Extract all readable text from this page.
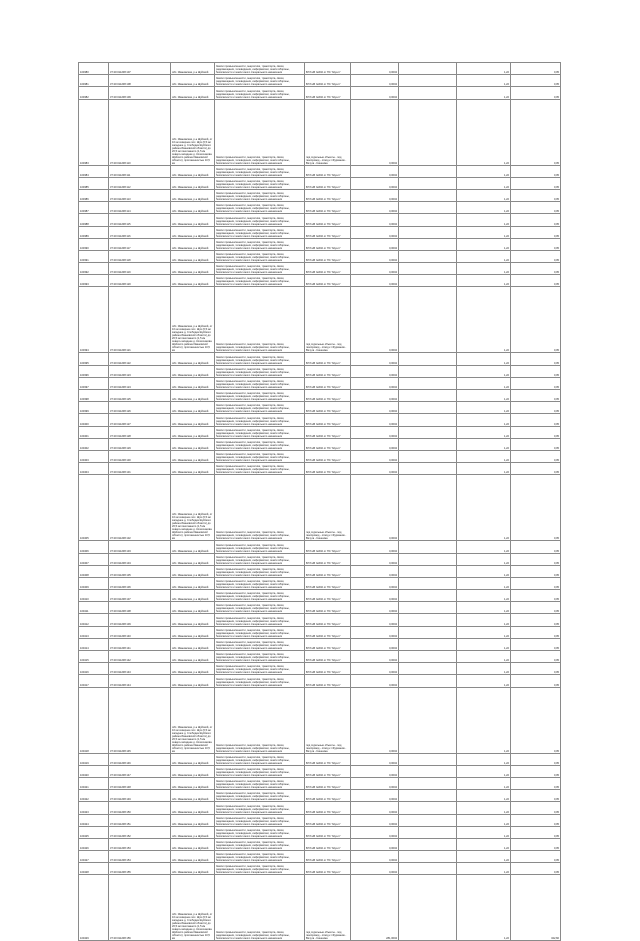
100380	37:20:011208:107	обл. Ивановская, р-н Шуйский	Земли промышленности, энергетики, транспорта, связи, радиовещания, телевидения, информатики, земли обороны, безопасности и земли иного специального назначения	ВЛ 6 кВ №602 от ПС "Шуя-1"	0,0004		1,22	0,05
100381	37:20:011208:108	обл. Ивановская, р-н Шуйский	Земли промышленности, энергетики, транспорта, связи, радиовещания, телевидения, информатики, земли обороны, безопасности и земли иного специального назначения	ВЛ 6 кВ №602 от ПС "Шуя-1"	0,0004		1,22	0,05
100382	37:20:011208:109	обл. Ивановская, р-н Шуйский	Земли промышленности, энергетики, транспорта, связи, радиовещания, телевидения, информатики, земли обороны, безопасности и земли иного специального назначения	ВЛ 6 кВ №602 от ПС "Шуя-1"	0,0004		1,22	0,05
100383	37:20:011208:110	обл. Ивановская, р-н Шуйский, от 10 км севернее пос. Шуя (0,5 км западнее д. Слободка Шуйского района Ивановской области) до 20,5 км пикетажного (1,5 км северо-западнее д. Колесникова Шуйского района Ивановской области), протяженностью 10,5 км	Земли промышленности, энергетики, транспорта, связи, радиовещания, телевидения, информатики, земли обороны, безопасности и земли иного специального назначения	под отдельные объекты - под газопровод - отвод к г.Фурманов - Вичуга - Кинешма	0,0004		1,22	0,05
100384	37:20:011208:111	обл. Ивановская, р-н Шуйский	Земли промышленности, энергетики, транспорта, связи, радиовещания, телевидения, информатики, земли обороны, безопасности и земли иного специального назначения	ВЛ 6 кВ №602 от ПС "Шуя-1"	0,0004		1,22	0,05
100385	37:20:011208:112	обл. Ивановская, р-н Шуйский	Земли промышленности, энергетики, транспорта, связи, радиовещания, телевидения, информатики, земли обороны, безопасности и земли иного специального назначения	ВЛ 6 кВ №602 от ПС "Шуя-1"	0,0004		1,22	0,05
100386	37:20:011208:113	обл. Ивановская, р-н Шуйский	Земли промышленности, энергетики, транспорта, связи, радиовещания, телевидения, информатики, земли обороны, безопасности и земли иного специального назначения	ВЛ 6 кВ №602 от ПС "Шуя-1"	0,0004		1,22	0,05
100387	37:20:011208:114	обл. Ивановская, р-н Шуйский	Земли промышленности, энергетики, транспорта, связи, радиовещания, телевидения, информатики, земли обороны, безопасности и земли иного специального назначения	ВЛ 6 кВ №602 от ПС "Шуя-1"	0,0004		1,22	0,05
100388	37:20:011208:115	обл. Ивановская, р-н Шуйский	Земли промышленности, энергетики, транспорта, связи, радиовещания, телевидения, информатики, земли обороны, безопасности и земли иного специального назначения	ВЛ 6 кВ №602 от ПС "Шуя-1"	0,0004		1,22	0,05
100389	37:20:011208:116	обл. Ивановская, р-н Шуйский	Земли промышленности, энергетики, транспорта, связи, радиовещания, телевидения, информатики, земли обороны, безопасности и земли иного специального назначения	ВЛ 6 кВ №602 от ПС "Шуя-1"	0,0004		1,22	0,05
100390	37:20:011208:117	обл. Ивановская, р-н Шуйский	Земли промышленности, энергетики, транспорта, связи, радиовещания, телевидения, информатики, земли обороны, безопасности и земли иного специального назначения	ВЛ 6 кВ №602 от ПС "Шуя-1"	0,0004		1,22	0,05
100391	37:20:011208:118	обл. Ивановская, р-н Шуйский	Земли промышленности, энергетики, транспорта, связи, радиовещания, телевидения, информатики, земли обороны, безопасности и земли иного специального назначения	ВЛ 6 кВ №602 от ПС "Шуя-1"	0,0004		1,22	0,05
100392	37:20:011208:119	обл. Ивановская, р-н Шуйский	Земли промышленности, энергетики, транспорта, связи, радиовещания, телевидения, информатики, земли обороны, безопасности и земли иного специального назначения	ВЛ 6 кВ №602 от ПС "Шуя-1"	0,0004		1,22	0,05
100393	37:20:011208:120	обл. Ивановская, р-н Шуйский	Земли промышленности, энергетики, транспорта, связи, радиовещания, телевидения, информатики, земли обороны, безопасности и земли иного специального назначения	ВЛ 6 кВ №602 от ПС "Шуя-1"	0,0004		1,22	0,05
100394	37:20:011208:121	обл. Ивановская, р-н Шуйский, от 10 км севернее пос. Шуя (0,5 км западнее д. Слободка Шуйского района Ивановской области) до 20,5 км пикетажного (1,5 км северо-западнее д. Колесникова Шуйского района Ивановской области), протяженностью 10,5 км	Земли промышленности, энергетики, транспорта, связи, радиовещания, телевидения, информатики, земли обороны, безопасности и земли иного специального назначения	под отдельные объекты - под газопровод - отвод к г.Фурманов - Вичуга - Кинешма	0,0004		1,22	0,05
100395	37:20:011208:122	обл. Ивановская, р-н Шуйский	Земли промышленности, энергетики, транспорта, связи, радиовещания, телевидения, информатики, земли обороны, безопасности и земли иного специального назначения	ВЛ 6 кВ №602 от ПС "Шуя-1"	0,0004		1,22	0,05
100396	37:20:011208:123	обл. Ивановская, р-н Шуйский	Земли промышленности, энергетики, транспорта, связи, радиовещания, телевидения, информатики, земли обороны, безопасности и земли иного специального назначения	ВЛ 6 кВ №602 от ПС "Шуя-1"	0,0004		1,22	0,05
100397	37:20:011208:124	обл. Ивановская, р-н Шуйский	Земли промышленности, энергетики, транспорта, связи, радиовещания, телевидения, информатики, земли обороны, безопасности и земли иного специального назначения	ВЛ 6 кВ №602 от ПС "Шуя-1"	0,0004		1,22	0,05
100398	37:20:011208:125	обл. Ивановская, р-н Шуйский	Земли промышленности, энергетики, транспорта, связи, радиовещания, телевидения, информатики, земли обороны, безопасности и земли иного специального назначения	ВЛ 6 кВ №602 от ПС "Шуя-1"	0,0004		1,22	0,05
100399	37:20:011208:126	обл. Ивановская, р-н Шуйский	Земли промышленности, энергетики, транспорта, связи, радиовещания, телевидения, информатики, земли обороны, безопасности и земли иного специального назначения	ВЛ 6 кВ №602 от ПС "Шуя-1"	0,0004		1,22	0,05
100400	37:20:011208:127	обл. Ивановская, р-н Шуйский	Земли промышленности, энергетики, транспорта, связи, радиовещания, телевидения, информатики, земли обороны, безопасности и земли иного специального назначения	ВЛ 6 кВ №602 от ПС "Шуя-1"	0,0004		1,22	0,05
100401	37:20:011208:128	обл. Ивановская, р-н Шуйский	Земли промышленности, энергетики, транспорта, связи, радиовещания, телевидения, информатики, земли обороны, безопасности и земли иного специального назначения	ВЛ 6 кВ №602 от ПС "Шуя-1"	0,0004		1,22	0,05
100402	37:20:011208:129	обл. Ивановская, р-н Шуйский	Земли промышленности, энергетики, транспорта, связи, радиовещания, телевидения, информатики, земли обороны, безопасности и земли иного специального назначения	ВЛ 6 кВ №602 от ПС "Шуя-1"	0,0004		1,22	0,05
100403	37:20:011208:130	обл. Ивановская, р-н Шуйский	Земли промышленности, энергетики, транспорта, связи, радиовещания, телевидения, информатики, земли обороны, безопасности и земли иного специального назначения	ВЛ 6 кВ №602 от ПС "Шуя-1"	0,0004		1,22	0,05
100404	37:20:011208:131	обл. Ивановская, р-н Шуйский	Земли промышленности, энергетики, транспорта, связи, радиовещания, телевидения, информатики, земли обороны, безопасности и земли иного специального назначения	ВЛ 6 кВ №602 от ПС "Шуя-1"	0,0004		1,22	0,05
100405	37:20:011208:132	обл. Ивановская, р-н Шуйский, от 10 км севернее пос. Шуя (0,5 км западнее д. Слободка Шуйского района Ивановской области) до 20,5 км пикетажного (1,5 км северо-западнее д. Колесникова Шуйского района Ивановской области), протяженностью 10,5 км	Земли промышленности, энергетики, транспорта, связи, радиовещания, телевидения, информатики, земли обороны, безопасности и земли иного специального назначения	под отдельные объекты - под газопровод - отвод к г.Фурманов - Вичуга - Кинешма	0,0004		1,22	0,05
100406	37:20:011208:133	обл. Ивановская, р-н Шуйский	Земли промышленности, энергетики, транспорта, связи, радиовещания, телевидения, информатики, земли обороны, безопасности и земли иного специального назначения	ВЛ 6 кВ №602 от ПС "Шуя-1"	0,0004		1,22	0,05
100407	37:20:011208:134	обл. Ивановская, р-н Шуйский	Земли промышленности, энергетики, транспорта, связи, радиовещания, телевидения, информатики, земли обороны, безопасности и земли иного специального назначения	ВЛ 6 кВ №602 от ПС "Шуя-1"	0,0004		1,22	0,05
100408	37:20:011208:135	обл. Ивановская, р-н Шуйский	Земли промышленности, энергетики, транспорта, связи, радиовещания, телевидения, информатики, земли обороны, безопасности и земли иного специального назначения	ВЛ 6 кВ №602 от ПС "Шуя-1"	0,0004		1,22	0,05
100409	37:20:011208:136	обл. Ивановская, р-н Шуйский	Земли промышленности, энергетики, транспорта, связи, радиовещания, телевидения, информатики, земли обороны, безопасности и земли иного специального назначения	ВЛ 6 кВ №602 от ПС "Шуя-1"	0,0004		1,22	0,05
100410	37:20:011208:137	обл. Ивановская, р-н Шуйский	Земли промышленности, энергетики, транспорта, связи, радиовещания, телевидения, информатики, земли обороны, безопасности и земли иного специального назначения	ВЛ 6 кВ №602 от ПС "Шуя-1"	0,0004		1,22	0,05
100411	37:20:011208:138	обл. Ивановская, р-н Шуйский	Земли промышленности, энергетики, транспорта, связи, радиовещания, телевидения, информатики, земли обороны, безопасности и земли иного специального назначения	ВЛ 6 кВ №602 от ПС "Шуя-1"	0,0004		1,22	0,05
100412	37:20:011208:139	обл. Ивановская, р-н Шуйский	Земли промышленности, энергетики, транспорта, связи, радиовещания, телевидения, информатики, земли обороны, безопасности и земли иного специального назначения	ВЛ 6 кВ №602 от ПС "Шуя-1"	0,0004		1,22	0,05
100413	37:20:011208:140	обл. Ивановская, р-н Шуйский	Земли промышленности, энергетики, транспорта, связи, радиовещания, телевидения, информатики, земли обороны, безопасности и земли иного специального назначения	ВЛ 6 кВ №602 от ПС "Шуя-1"	0,0004		1,22	0,05
100414	37:20:011208:141	обл. Ивановская, р-н Шуйский	Земли промышленности, энергетики, транспорта, связи, радиовещания, телевидения, информатики, земли обороны, безопасности и земли иного специального назначения	ВЛ 6 кВ №602 от ПС "Шуя-1"	0,0004		1,22	0,05
100415	37:20:011208:142	обл. Ивановская, р-н Шуйский	Земли промышленности, энергетики, транспорта, связи, радиовещания, телевидения, информатики, земли обороны, безопасности и земли иного специального назначения	ВЛ 6 кВ №602 от ПС "Шуя-1"	0,0004		1,22	0,05
100416	37:20:011208:143	обл. Ивановская, р-н Шуйский	Земли промышленности, энергетики, транспорта, связи, радиовещания, телевидения, информатики, земли обороны, безопасности и земли иного специального назначения	ВЛ 6 кВ №602 от ПС "Шуя-1"	0,0004		1,22	0,05
100417	37:20:011208:144	обл. Ивановская, р-н Шуйский	Земли промышленности, энергетики, транспорта, связи, радиовещания, телевидения, информатики, земли обороны, безопасности и земли иного специального назначения	ВЛ 6 кВ №602 от ПС "Шуя-1"	0,0004		1,22	0,05
100418	37:20:011208:145	обл. Ивановская, р-н Шуйский, от 10 км севернее пос. Шуя (0,5 км западнее д. Слободка Шуйского района Ивановской области) до 20,5 км пикетажного (1,5 км северо-западнее д. Колесникова Шуйского района Ивановской области), протяженностью 10,5 км	Земли промышленности, энергетики, транспорта, связи, радиовещания, телевидения, информатики, земли обороны, безопасности и земли иного специального назначения	под отдельные объекты - под газопровод - отвод к г.Фурманов - Вичуга - Кинешма	0,0004		1,22	0,05
100419	37:20:011208:146	обл. Ивановская, р-н Шуйский	Земли промышленности, энергетики, транспорта, связи, радиовещания, телевидения, информатики, земли обороны, безопасности и земли иного специального назначения	ВЛ 6 кВ №602 от ПС "Шуя-1"	0,0004		1,22	0,05
100420	37:20:011208:147	обл. Ивановская, р-н Шуйский	Земли промышленности, энергетики, транспорта, связи, радиовещания, телевидения, информатики, земли обороны, безопасности и земли иного специального назначения	ВЛ 6 кВ №602 от ПС "Шуя-1"	0,0004		1,22	0,05
100421	37:20:011208:148	обл. Ивановская, р-н Шуйский	Земли промышленности, энергетики, транспорта, связи, радиовещания, телевидения, информатики, земли обороны, безопасности и земли иного специального назначения	ВЛ 6 кВ №602 от ПС "Шуя-1"	0,0004		1,22	0,05
100422	37:20:011208:149	обл. Ивановская, р-н Шуйский	Земли промышленности, энергетики, транспорта, связи, радиовещания, телевидения, информатики, земли обороны, безопасности и земли иного специального назначения	ВЛ 6 кВ №602 от ПС "Шуя-1"	0,0004		1,22	0,05
100423	37:20:011208:150	обл. Ивановская, р-н Шуйский	Земли промышленности, энергетики, транспорта, связи, радиовещания, телевидения, информатики, земли обороны, безопасности и земли иного специального назначения	ВЛ 6 кВ №602 от ПС "Шуя-1"	0,0004		1,22	0,05
100424	37:20:011208:151	обл. Ивановская, р-н Шуйский	Земли промышленности, энергетики, транспорта, связи, радиовещания, телевидения, информатики, земли обороны, безопасности и земли иного специального назначения	ВЛ 6 кВ №602 от ПС "Шуя-1"	0,0004		1,22	0,05
100425	37:20:011208:152	обл. Ивановская, р-н Шуйский	Земли промышленности, энергетики, транспорта, связи, радиовещания, телевидения, информатики, земли обороны, безопасности и земли иного специального назначения	ВЛ 6 кВ №602 от ПС "Шуя-1"	0,0004		1,22	0,05
100426	37:20:011208:153	обл. Ивановская, р-н Шуйский	Земли промышленности, энергетики, транспорта, связи, радиовещания, телевидения, информатики, земли обороны, безопасности и земли иного специального назначения	ВЛ 6 кВ №602 от ПС "Шуя-1"	0,0004		1,22	0,05
100427	37:20:011208:154	обл. Ивановская, р-н Шуйский	Земли промышленности, энергетики, транспорта, связи, радиовещания, телевидения, информатики, земли обороны, безопасности и земли иного специального назначения	ВЛ 6 кВ №602 от ПС "Шуя-1"	0,0004		1,22	0,05
100428	37:20:011208:155	обл. Ивановская, р-н Шуйский	Земли промышленности, энергетики, транспорта, связи, радиовещания, телевидения, информатики, земли обороны, безопасности и земли иного специального назначения	ВЛ 6 кВ №602 от ПС "Шуя-1"	0,0004		1,22	0,05
100429	37:20:011208:156	обл. Ивановская, р-н Шуйский, от 10 км севернее пос. Шуя (0,5 км западнее д. Слободка Шуйского района Ивановской области) до 20,5 км пикетажного (1,5 км северо-западнее д. Колесникова Шуйского района Ивановской области), протяженностью 10,5 км	Земли промышленности, энергетики, транспорта, связи, радиовещания, телевидения, информатики, земли обороны, безопасности и земли иного специального назначения	под отдельные объекты - под газопровод - отвод к г.Фурманов - Вичуга - Кинешма	281,0004		1,22	342,82
